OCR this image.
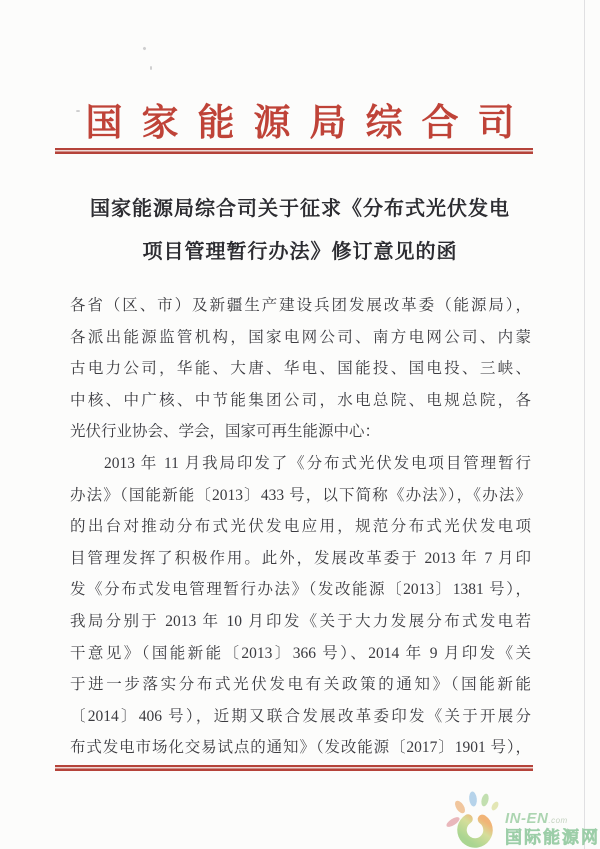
国家能源局综合司
国家能源局综合司关于征求《分布式光伏发电
项目管理暂行办法》修订意见的函
各省（区、市）及新疆生产建设兵团发展改革委（能源局），
各派出能源监管机构，国家电网公司、南方电网公司、内蒙
古电力公司，华能、大唐、华电、国能投、国电投、三峡、
中核、中广核、中节能集团公司，水电总院、电规总院，各
光伏行业协会、学会，国家可再生能源中心：
2013 年 11 月我局印发了《分布式光伏发电项目管理暂行
办法》（国能新能〔2013〕433 号，以下简称《办法》），《办法》
的出台对推动分布式光伏发电应用，规范分布式光伏发电项
目管理发挥了积极作用。此外，发展改革委于 2013 年 7 月印
发《分布式发电管理暂行办法》（发改能源〔2013〕1381 号），
我局分别于 2013 年 10 月印发《关于大力发展分布式发电若
干意见》（国能新能〔2013〕366 号）、2014 年 9 月印发《关
于进一步落实分布式光伏发电有关政策的通知》（国能新能
〔2014〕406 号），近期又联合发展改革委印发《关于开展分
布式发电市场化交易试点的通知》（发改能源〔2017〕1901 号），
IN-EN.com
国际能源网
